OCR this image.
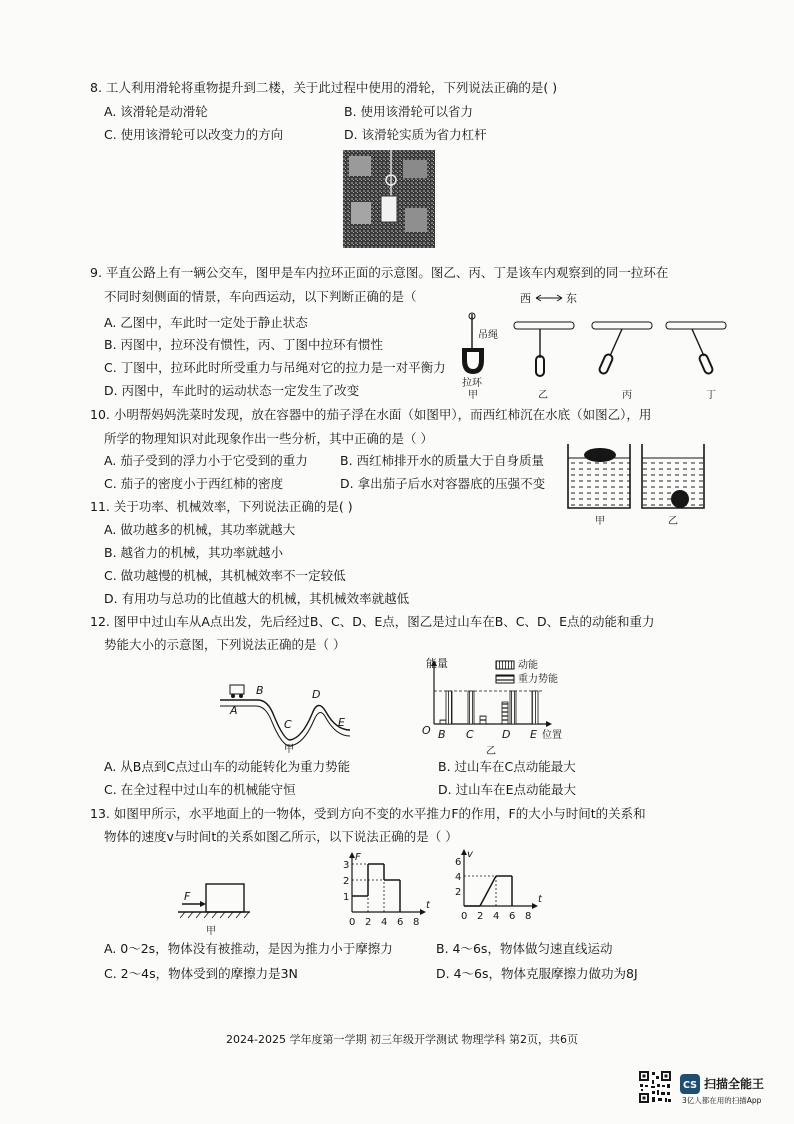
8. 工人利用滑轮将重物提升到二楼，关于此过程中使用的滑轮，下列说法正确的是( )
A. 该滑轮是动滑轮	B. 使用该滑轮可以省力
C. 使用该滑轮可以改变力的方向	D. 该滑轮实质为省力杠杆
9. 平直公路上有一辆公交车，图甲是车内拉环正面的示意图。图乙、丙、丁是该车内观察到的同一拉环在
不同时刻侧面的情景，车向西运动，以下判断正确的是（
A. 乙图中，车此时一定处于静止状态
B. 丙图中，拉环没有惯性，丙、丁图中拉环有惯性
C. 丁图中，拉环此时所受重力与吊绳对它的拉力是一对平衡力
D. 丙图中，车此时的运动状态一定发生了改变
西	东
吊绳
拉环
甲	乙	丙	丁
10. 小明帮妈妈洗菜时发现，放在容器中的茄子浮在水面（如图甲），而西红柿沉在水底（如图乙），用
所学的物理知识对此现象作出一些分析，其中正确的是（ ）
A. 茄子受到的浮力小于它受到的重力	B. 西红柿排开水的质量大于自身质量
C. 茄子的密度小于西红柿的密度	D. 拿出茄子后水对容器底的压强不变
甲	乙
11. 关于功率、机械效率，下列说法正确的是( )
A. 做功越多的机械，其功率就越大
B. 越省力的机械，其功率就越小
C. 做功越慢的机械，其机械效率不一定较低
D. 有用功与总功的比值越大的机械，其机械效率就越低
12. 图甲中过山车从A点出发，先后经过B、C、D、E点，图乙是过山车在B、C、D、E点的动能和重力
势能大小的示意图，下列说法正确的是（ ）
A
B
C
D
E
甲
能量
O
动能
重力势能
B C	D E 位置
乙
A. 从B点到C点过山车的动能转化为重力势能	B. 过山车在C点动能最大
C. 在全过程中过山车的机械能守恒	D. 过山车在E点动能最大
13. 如图甲所示，水平地面上的一物体，受到方向不变的水平推力F的作用，F的大小与时间t的关系和
物体的速度v与时间t的关系如图乙所示，以下说法正确的是（ ）
F
甲
F
t
1
2
3
0 2 4 6 8
v
t
2
4
6
0 2 4 6 8
A. 0～2s，物体没有被推动，是因为推力小于摩擦力	B. 4～6s，物体做匀速直线运动
C. 2～4s，物体受到的摩擦力是3N	D. 4～6s，物体克服摩擦力做功为8J
2024-2025 学年度第一学期 初三年级开学测试 物理学科 第2页，共6页
CS 扫描全能王
3亿人都在用的扫描App
